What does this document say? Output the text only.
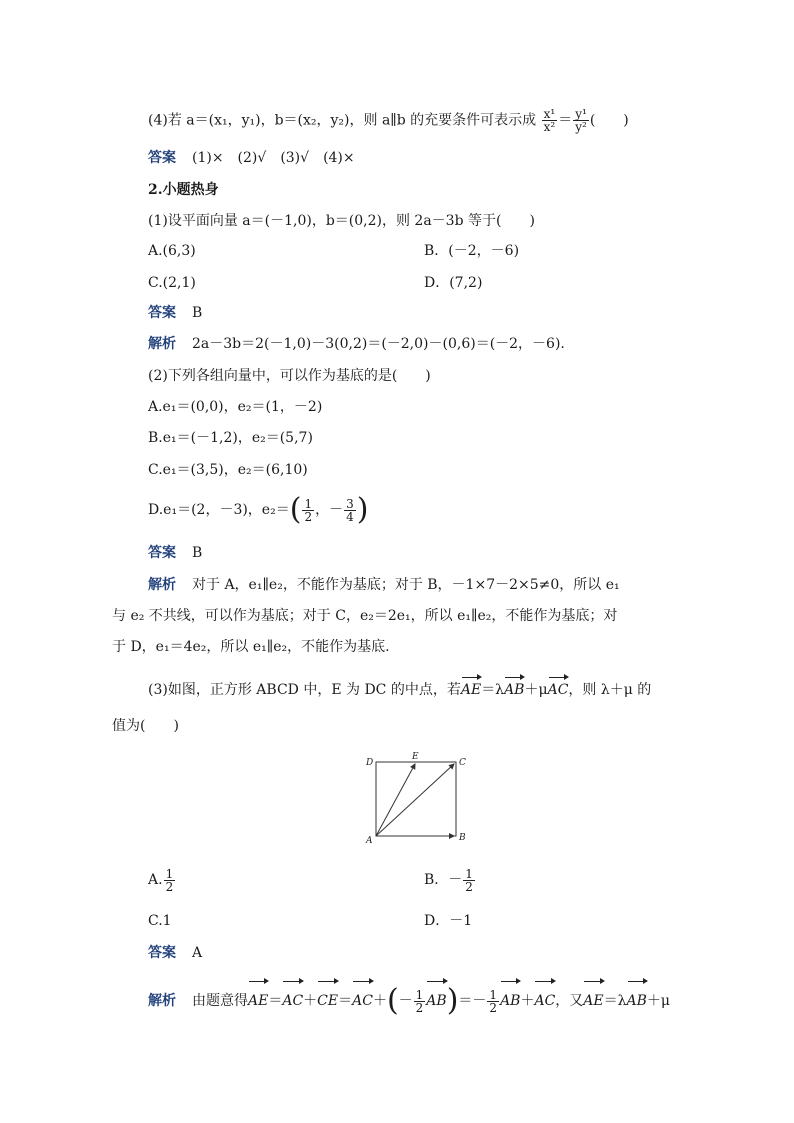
(4)若 a＝(x₁，y₁)，b＝(x₂，y₂)，则 a∥b 的充要条件可表示成 $\frac{\text{x¹}}{\text{x²}} = \frac{\text{y¹}}{\text{y²}}$ (　　)
答案 (1)×　(2)√　(3)√　(4)×
2.小题热身
(1)设平面向量 a＝(－1,0)，b＝(0,2)，则 2a－3b 等于(　　)
A.(6,3)	B．(－2，－6)
C.(2,1)	D．(7,2)
答案 B
解析 2a－3b＝2(－1,0)－3(0,2)＝(－2,0)－(0,6)＝(－2，－6).
(2)下列各组向量中，可以作为基底的是(　　)
A.e₁＝(0,0)，e₂＝(1，－2)
B.e₁＝(－1,2)，e₂＝(5,7)
C.e₁＝(3,5)，e₂＝(6,10)
D.e₁＝(2，－3)，$e_2=( \frac{1}{2}$ ，－ $\frac{3}{4}$ )
答案 B
解析 对于 A，e₁∥e₂，不能作为基底；对于 B，－1×7－2×5≠0，所以 e₁
与 e₂ 不共线，可以作为基底；对于 C，e₂＝2e₁，所以 e₁∥e₂，不能作为基底；对
于 D，e₁＝4e₂，所以 e₁∥e₂，不能作为基底.
(3)如图，正方形 ABCD 中，E 为 DC 的中点，若AE＝λAB＋μAC，则 λ＋μ 的
值为(　　)
D
E
C
A	B
A. $\frac{1}{2}$	B．－ $\frac{1}{2}$
C.1	D．－1
答案 A
解析 由题意得$AE=AC+CE=AC+(- \frac{1}{2} AB)=- \frac{1}{2} AB+AC$，又AE＝λAB＋μ
